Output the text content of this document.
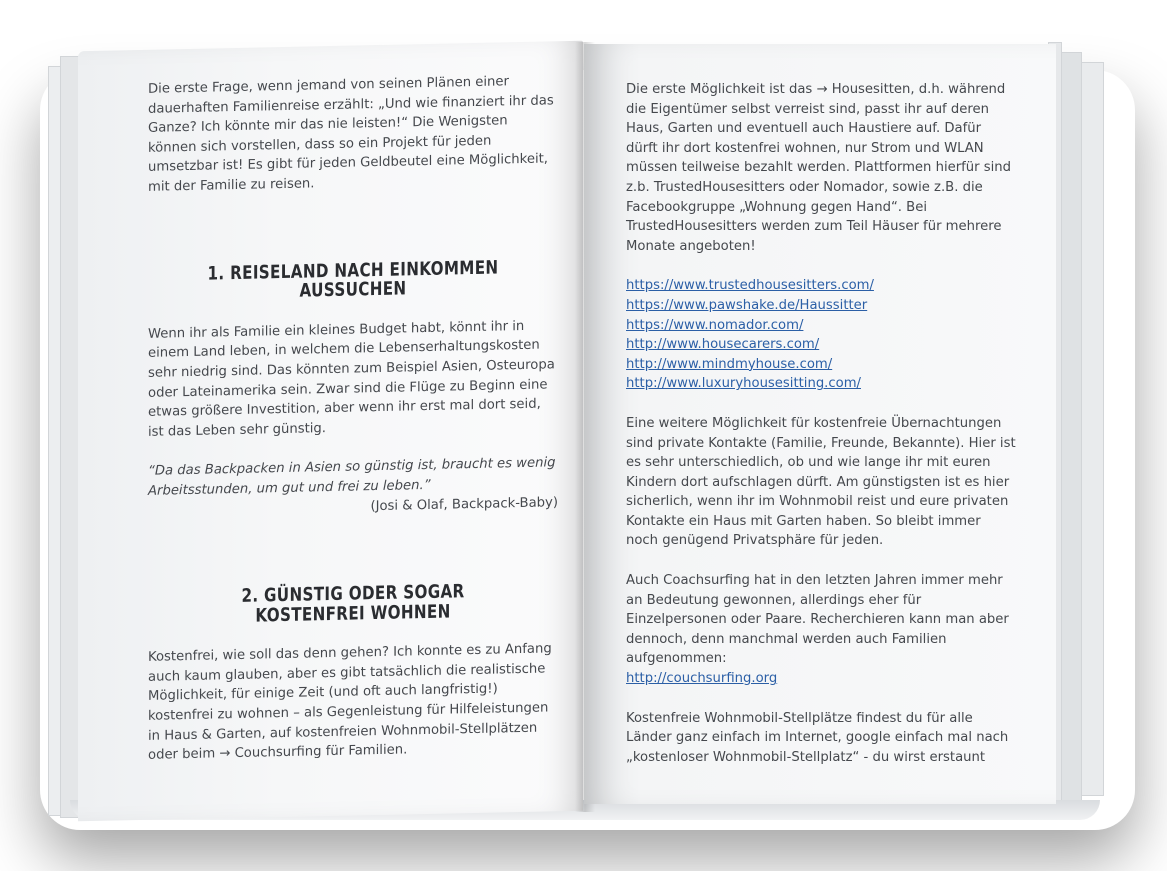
Die erste Frage, wenn jemand von seinen Plänen einer dauerhaften Familienreise erzählt: „Und wie finanziert ihr das Ganze? Ich könnte mir das nie leisten!“ Die Wenigsten können sich vorstellen, dass so ein Projekt für jeden umsetzbar ist! Es gibt für jeden Geldbeutel eine Möglichkeit, mit der Familie zu reisen.

1. REISELAND NACH EINKOMMEN AUSSUCHEN

Wenn ihr als Familie ein kleines Budget habt, könnt ihr in einem Land leben, in welchem die Lebenserhaltungskosten sehr niedrig sind. Das könnten zum Beispiel Asien, Osteuropa oder Lateinamerika sein. Zwar sind die Flüge zu Beginn eine etwas größere Investition, aber wenn ihr erst mal dort seid, ist das Leben sehr günstig.

“Da das Backpacken in Asien so günstig ist, braucht es wenig Arbeitsstunden, um gut und frei zu leben.”

(Josi & Olaf, Backpack-Baby)

2. GÜNSTIG ODER SOGAR KOSTENFREI WOHNEN

Kostenfrei, wie soll das denn gehen? Ich konnte es zu Anfang auch kaum glauben, aber es gibt tatsächlich die realistische Möglichkeit, für einige Zeit (und oft auch langfristig!) kostenfrei zu wohnen – als Gegenleistung für Hilfeleistungen in Haus & Garten, auf kostenfreien Wohnmobil-Stellplätzen oder beim → Couchsurfing für Familien.

Die erste Möglichkeit ist das → Housesitten, d.h. während die Eigentümer selbst verreist sind, passt ihr auf deren Haus, Garten und eventuell auch Haustiere auf. Dafür dürft ihr dort kostenfrei wohnen, nur Strom und WLAN müssen teilweise bezahlt werden. Plattformen hierfür sind z.b. TrustedHousesitters oder Nomador, sowie z.B. die Facebookgruppe „Wohnung gegen Hand“. Bei TrustedHousesitters werden zum Teil Häuser für mehrere Monate angeboten!

https://www.trustedhousesitters.com/
https://www.pawshake.de/Haussitter
https://www.nomador.com/
http://www.housecarers.com/
http://www.mindmyhouse.com/
http://www.luxuryhousesitting.com/

Eine weitere Möglichkeit für kostenfreie Übernachtungen sind private Kontakte (Familie, Freunde, Bekannte). Hier ist es sehr unterschiedlich, ob und wie lange ihr mit euren Kindern dort aufschlagen dürft. Am günstigsten ist es hier sicherlich, wenn ihr im Wohnmobil reist und eure privaten Kontakte ein Haus mit Garten haben. So bleibt immer noch genügend Privatsphäre für jeden.

Auch Coachsurfing hat in den letzten Jahren immer mehr an Bedeutung gewonnen, allerdings eher für Einzelpersonen oder Paare. Recherchieren kann man aber dennoch, denn manchmal werden auch Familien aufgenommen:

http://couchsurfing.org

Kostenfreie Wohnmobil-Stellplätze findest du für alle Länder ganz einfach im Internet, google einfach mal nach „kostenloser Wohnmobil-Stellplatz“ - du wirst erstaunt
